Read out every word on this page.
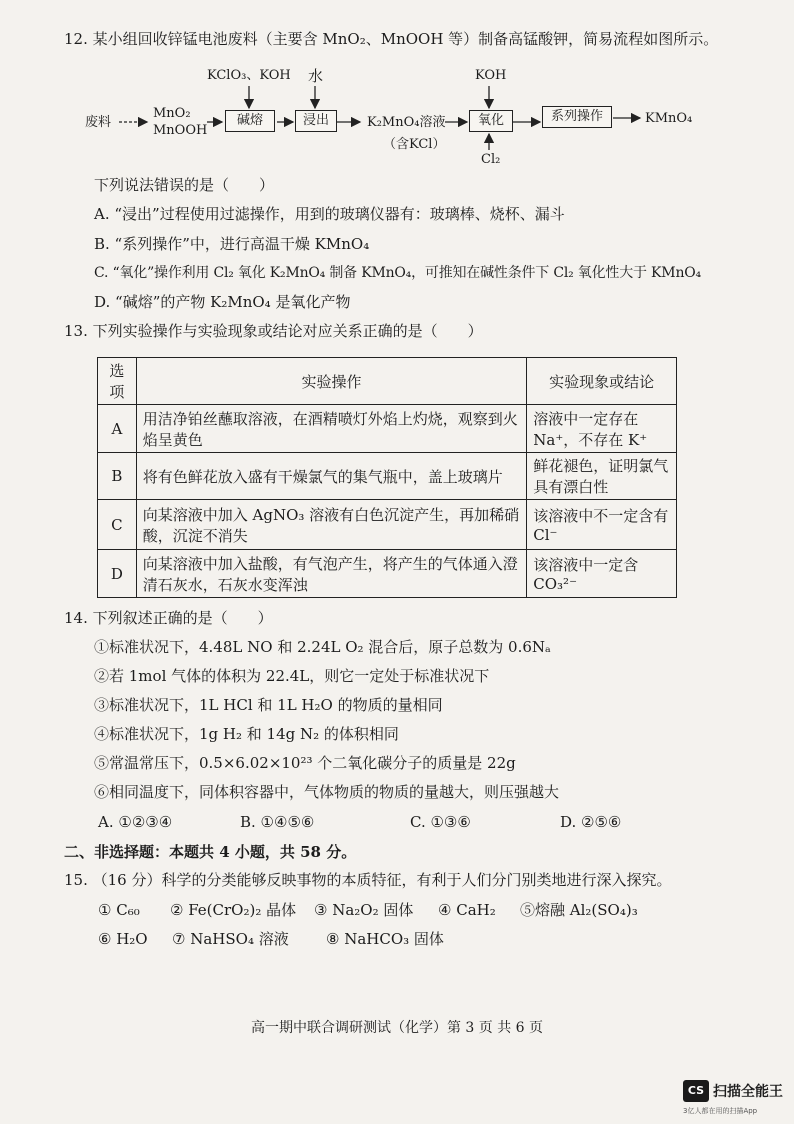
12. 某小组回收锌锰电池废料（主要含 MnO₂、MnOOH 等）制备高锰酸钾，简易流程如图所示。
废料
MnO₂
MnOOH
KClO₃、KOH
碱熔
水
浸出	K₂MnO₄溶液
（含KCl）
KOH
氧化
Cl₂
系列操作	KMnO₄
下列说法错误的是（　　）
A. “浸出”过程使用过滤操作，用到的玻璃仪器有：玻璃棒、烧杯、漏斗
B. “系列操作”中，进行高温干燥 KMnO₄
C. “氧化”操作利用 Cl₂ 氧化 K₂MnO₄ 制备 KMnO₄，可推知在碱性条件下 Cl₂ 氧化性大于 KMnO₄
D. “碱熔”的产物 K₂MnO₄ 是氧化产物
13. 下列实验操作与实验现象或结论对应关系正确的是（　　）
选项	实验操作	实验现象或结论
A	用洁净铂丝蘸取溶液，在酒精喷灯外焰上灼烧，观察到火焰呈黄色	溶液中一定存在 Na⁺，不存在 K⁺
B	将有色鲜花放入盛有干燥氯气的集气瓶中，盖上玻璃片	鲜花褪色，证明氯气具有漂白性
C	向某溶液中加入 AgNO₃ 溶液有白色沉淀产生，再加稀硝酸，沉淀不消失	该溶液中不一定含有 Cl⁻
D	向某溶液中加入盐酸，有气泡产生，将产生的气体通入澄清石灰水，石灰水变浑浊	该溶液中一定含 CO₃²⁻
14. 下列叙述正确的是（　　）
①标准状况下，4.48L NO 和 2.24L O₂ 混合后，原子总数为 0.6Nₐ
②若 1mol 气体的体积为 22.4L，则它一定处于标准状况下
③标准状况下，1L HCl 和 1L H₂O 的物质的量相同
④标准状况下，1g H₂ 和 14g N₂ 的体积相同
⑤常温常压下，0.5×6.02×10²³ 个二氧化碳分子的质量是 22g
⑥相同温度下，同体积容器中，气体物质的物质的量越大，则压强越大
A. ①②③④	B. ①④⑤⑥	C. ①③⑥	D. ②⑤⑥
二、非选择题：本题共 4 小题，共 58 分。
15. （16 分）科学的分类能够反映事物的本质特征，有利于人们分门别类地进行深入探究。
① C₆₀ ② Fe(CrO₂)₂ 晶体 ③ Na₂O₂ 固体 ④ CaH₂ ⑤熔融 Al₂(SO₄)₃
⑥ H₂O ⑦ NaHSO₄ 溶液 ⑧ NaHCO₃ 固体
高一期中联合调研测试（化学）第 3 页 共 6 页
CS 扫描全能王
3亿人都在用的扫描App
